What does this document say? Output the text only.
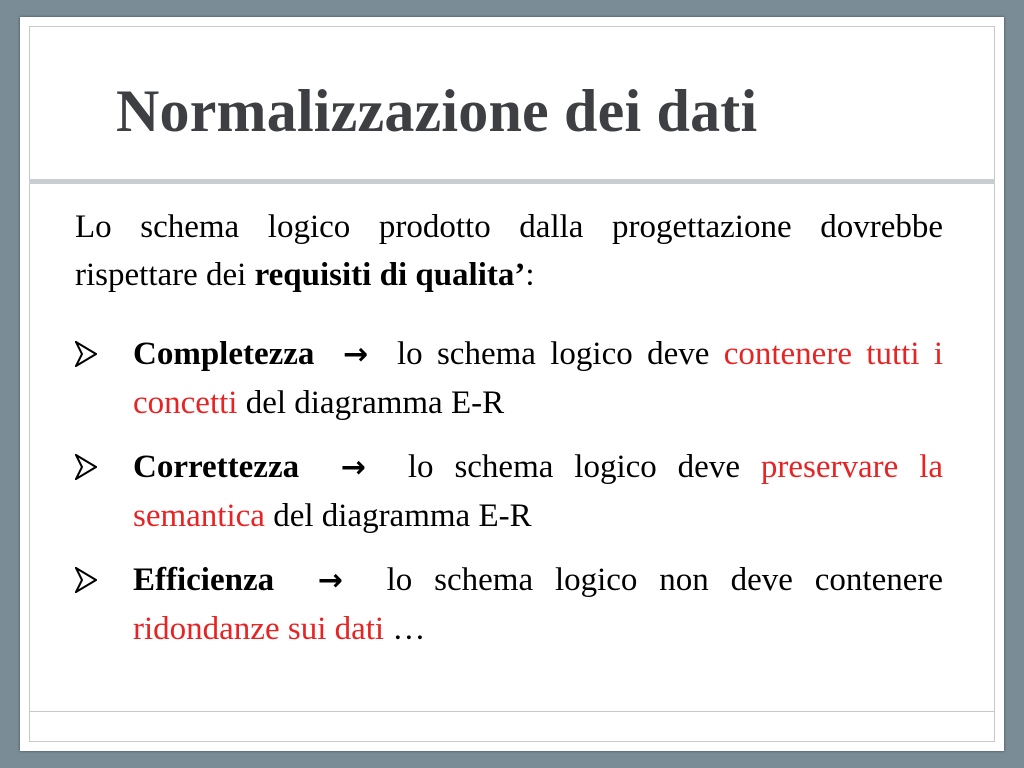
Normalizzazione dei dati

Lo schema logico prodotto dalla progettazione dovrebbe rispettare dei requisiti di qualita’:

Completezza → lo schema logico deve contenere tutti i concetti del diagramma E-R
Correttezza → lo schema logico deve preservare la semantica del diagramma E-R
Efficienza → lo schema logico non deve contenere ridondanze sui dati …
